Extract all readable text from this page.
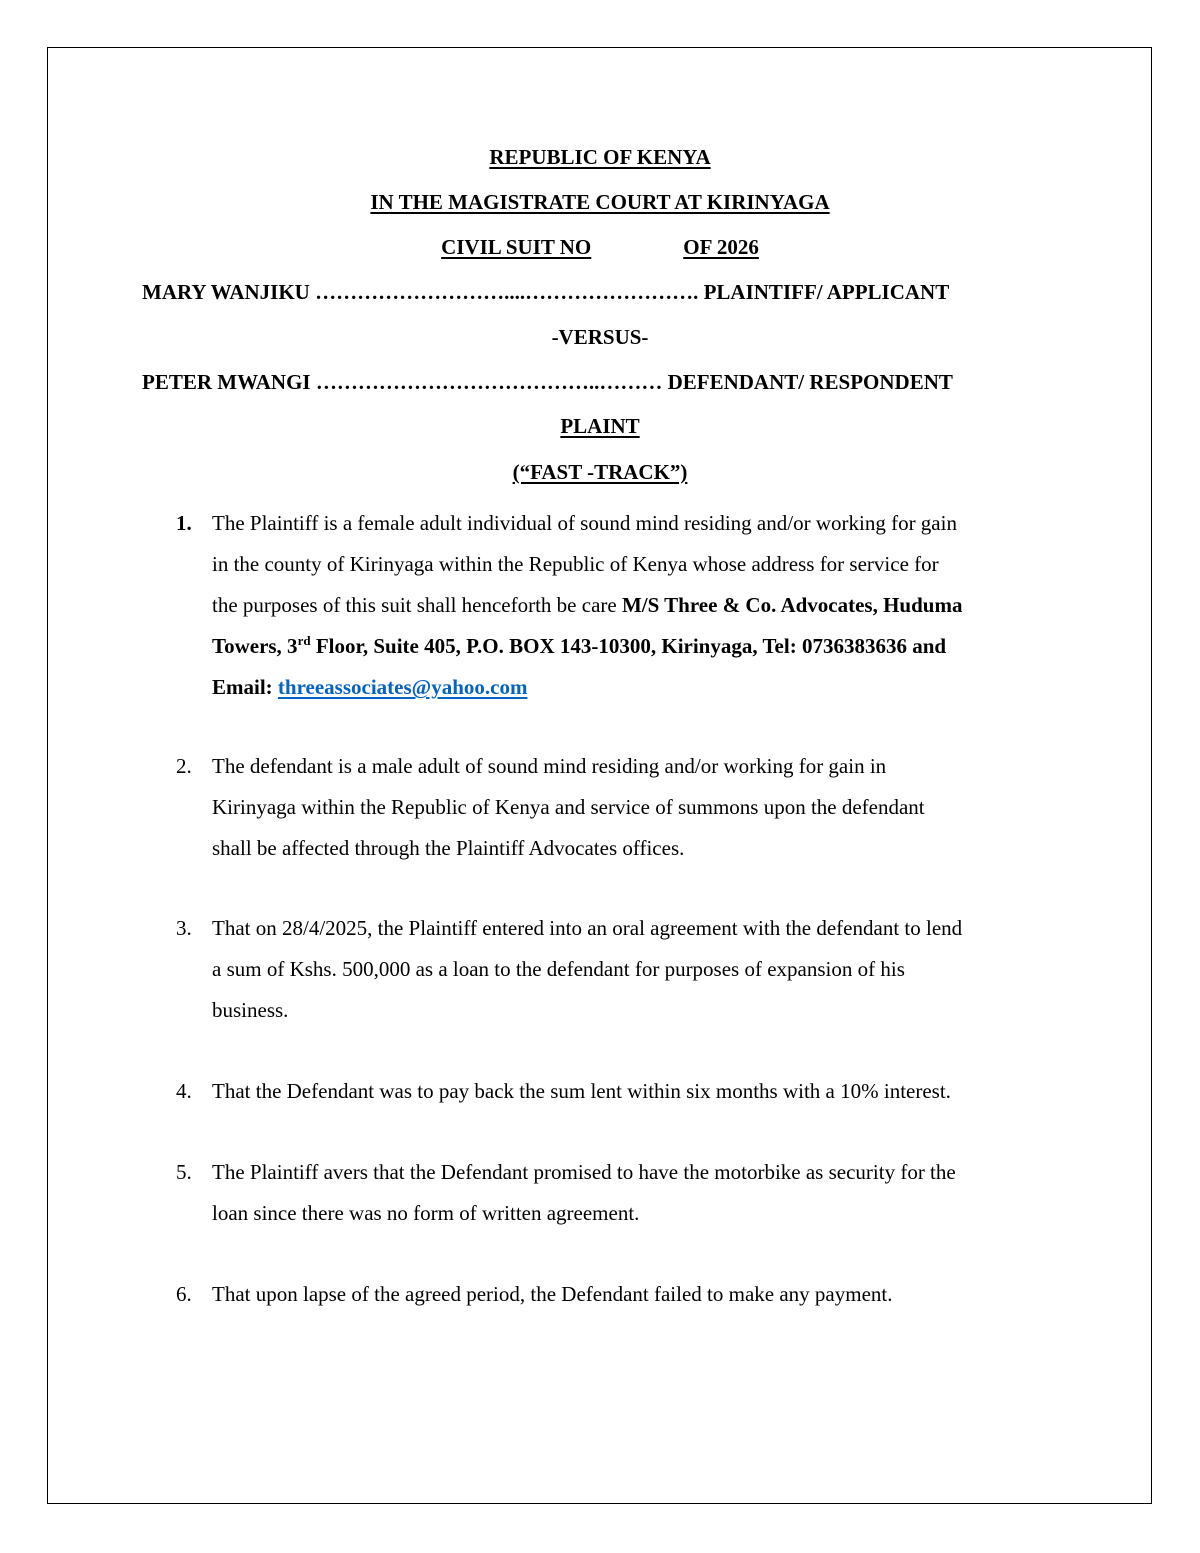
REPUBLIC OF KENYA
IN THE MAGISTRATE COURT AT KIRINYAGA
CIVIL SUIT NO	OF 2026
MARY WANJIKU ………………………....……………………. PLAINTIFF/ APPLICANT
-VERSUS-
PETER MWANGI …………………………………..……… DEFENDANT/ RESPONDENT
PLAINT
(“FAST -TRACK”)
1. The Plaintiff is a female adult individual of sound mind residing and/or working for gain
in the county of Kirinyaga within the Republic of Kenya whose address for service for
the purposes of this suit shall henceforth be care M/S Three & Co. Advocates, Huduma
Towers, 3rd Floor, Suite 405, P.O. BOX 143-10300, Kirinyaga, Tel: 0736383636 and
Email: threeassociates@yahoo.com
2. The defendant is a male adult of sound mind residing and/or working for gain in
Kirinyaga within the Republic of Kenya and service of summons upon the defendant
shall be affected through the Plaintiff Advocates offices.
3. That on 28/4/2025, the Plaintiff entered into an oral agreement with the defendant to lend
a sum of Kshs. 500,000 as a loan to the defendant for purposes of expansion of his
business.
4. That the Defendant was to pay back the sum lent within six months with a 10% interest.
5. The Plaintiff avers that the Defendant promised to have the motorbike as security for the
loan since there was no form of written agreement.
6. That upon lapse of the agreed period, the Defendant failed to make any payment.
